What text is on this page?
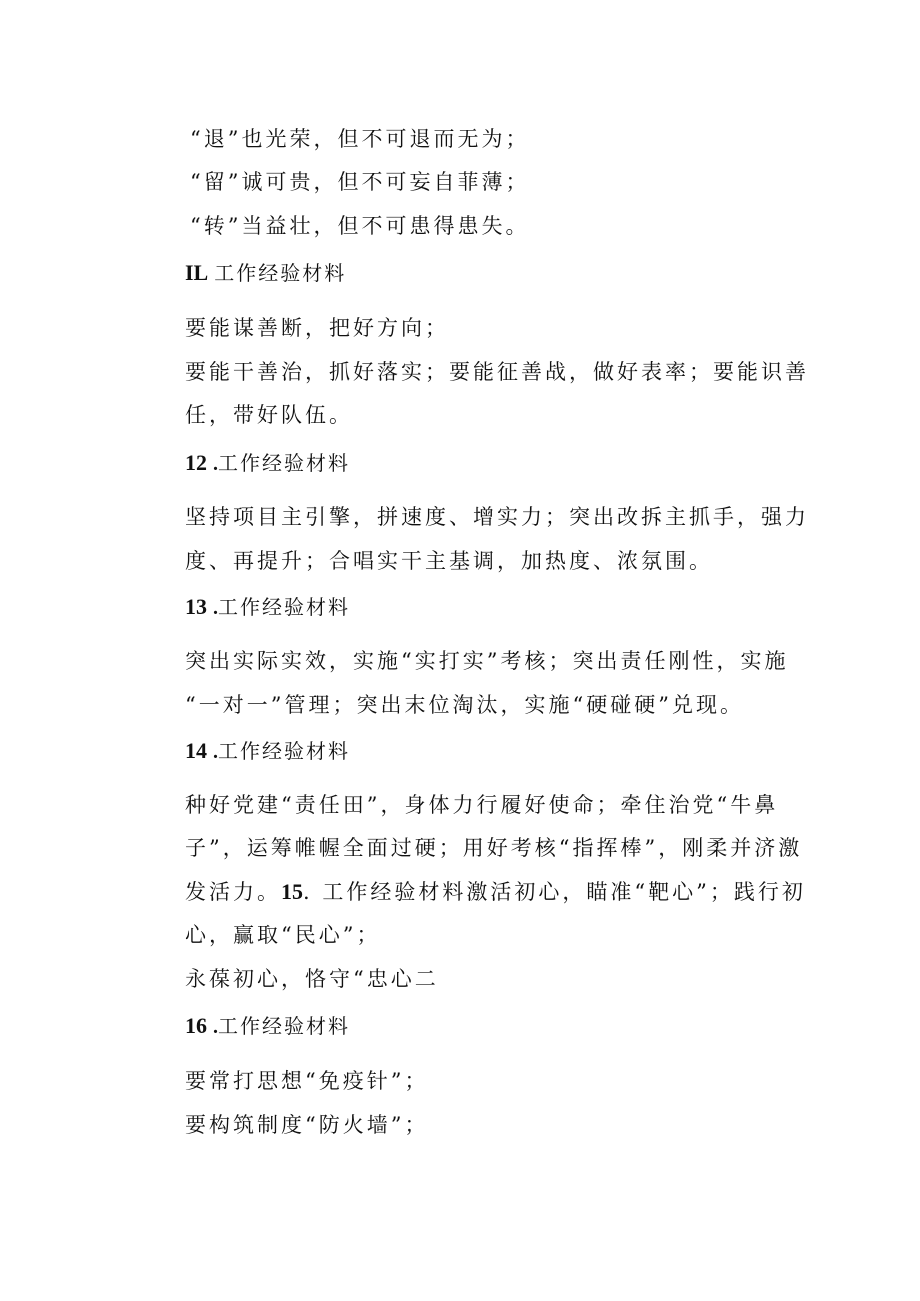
“退”也光荣，但不可退而无为；
“留”诚可贵，但不可妄自菲薄；
“转”当益壮，但不可患得患失。
IL 工作经验材料
要能谋善断，把好方向；
要能干善治，抓好落实；要能征善战，做好表率；要能识善
任，带好队伍。
12 .工作经验材料
坚持项目主引擎，拼速度、增实力；突出改拆主抓手，强力
度、再提升；合唱实干主基调，加热度、浓氛围。
13 .工作经验材料
突出实际实效，实施“实打实”考核；突出责任刚性，实施
“一对一”管理；突出末位淘汰，实施“硬碰硬”兑现。
14 .工作经验材料
种好党建“责任田”，身体力行履好使命；牵住治党“牛鼻
子”，运筹帷幄全面过硬；用好考核“指挥棒”，刚柔并济激
发活力。15. 工作经验材料激活初心，瞄准“靶心”；践行初
心，赢取“民心”；
永葆初心，恪守“忠心二
16 .工作经验材料
要常打思想“免疫针”；
要构筑制度“防火墙”；
